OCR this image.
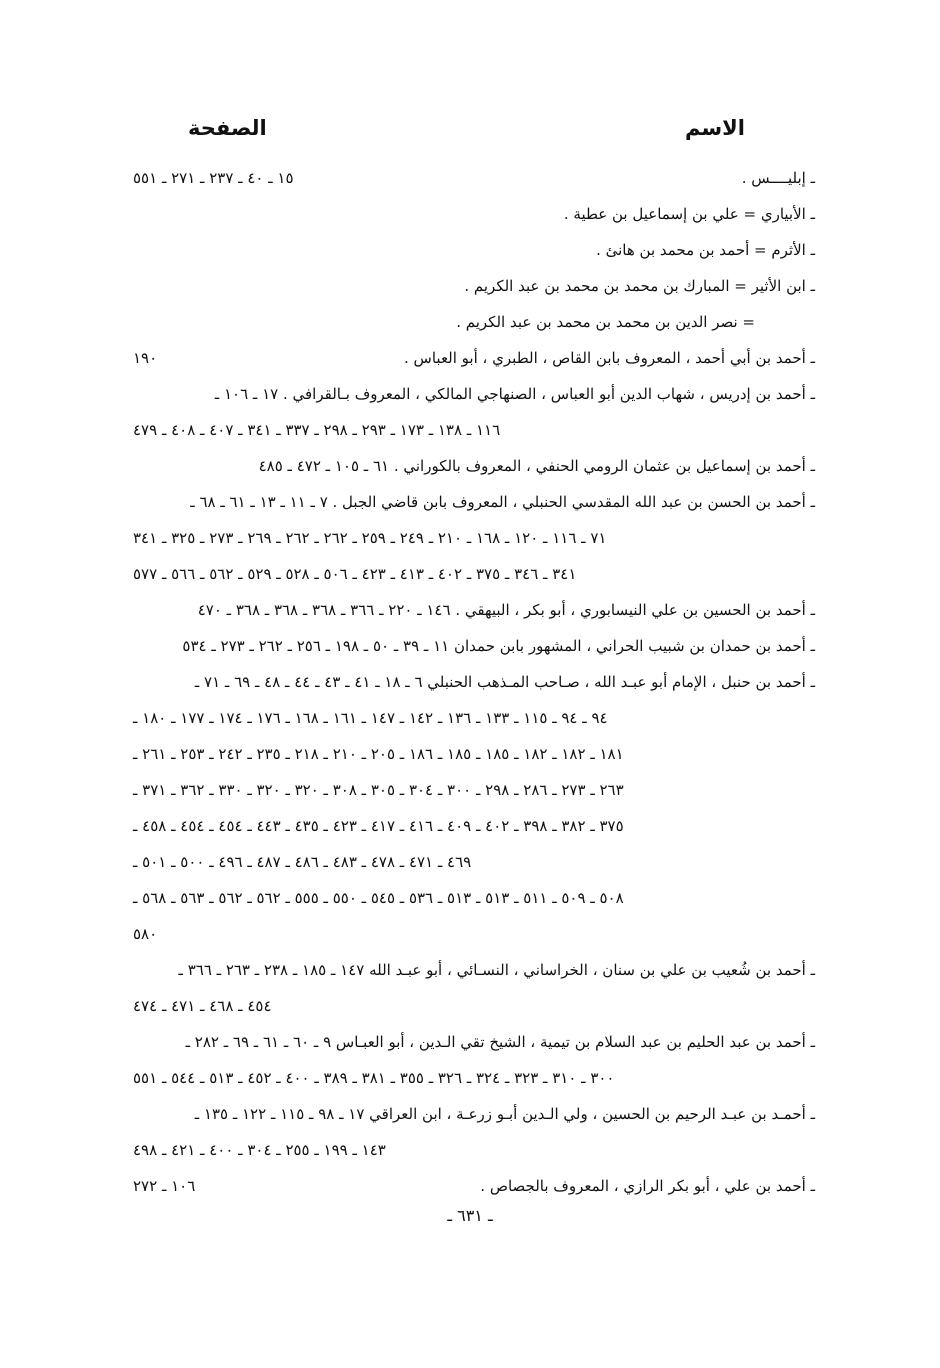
الاسم
الصفحة
ـ إبليــــس .
١٥ ـ ٤٠ ـ ٢٣٧ ـ ٢٧١ ـ ٥٥١
ـ الأبياري = علي بن إسماعيل بن عطية .
ـ الأثرم = أحمد بن محمد بن هانئ .
ـ ابن الأثير = المبارك بن محمد بن محمد بن عبد الكريم .
= نصر الدين بن محمد بن محمد بن عبد الكريم .
ـ أحمد بن أبي أحمد ، المعروف بابن القاص ، الطبري ، أبو العباس .
١٩٠
ـ أحمد بن إدريس ، شهاب الدين أبو العباس ، الصنهاجي المالكي ، المعروف بـالقرافي . ١٧ ـ ١٠٦ ـ
١١٦ ـ ١٣٨ ـ ١٧٣ ـ ٢٩٣ ـ ٢٩٨ ـ ٣٣٧ ـ ٣٤١ ـ ٤٠٧ ـ ٤٠٨ ـ ٤٧٩
ـ أحمد بن إسماعيل بن عثمان الرومي الحنفي ، المعروف بالكوراني . ٦١ ـ ١٠٥ ـ ٤٧٢ ـ ٤٨٥
ـ أحمد بن الحسن بن عبد الله المقدسي الحنبلي ، المعروف بابن قاضي الجبل . ٧ ـ ١١ ـ ١٣ ـ ٦١ ـ ٦٨ ـ
٧١ ـ ١١٦ ـ ١٢٠ ـ ١٦٨ ـ ٢١٠ ـ ٢٤٩ ـ ٢٥٩ ـ ٢٦٢ ـ ٢٦٢ ـ ٢٦٩ ـ ٢٧٣ ـ ٣٢٥ ـ ٣٤١
٣٤١ ـ ٣٤٦ ـ ٣٧٥ ـ ٤٠٢ ـ ٤١٣ ـ ٤٢٣ ـ ٥٠٦ ـ ٥٢٨ ـ ٥٢٩ ـ ٥٦٢ ـ ٥٦٦ ـ ٥٧٧
ـ أحمد بن الحسين بن علي النيسابوري ، أبو بكر ، البيهقي . ١٤٦ ـ ٢٢٠ ـ ٣٦٦ ـ ٣٦٨ ـ ٣٦٨ ـ ٣٦٨ ـ ٤٧٠
ـ أحمد بن حمدان بن شبيب الحراني ، المشهور بابن حمدان ١١ ـ ٣٩ ـ ٥٠ ـ ١٩٨ ـ ٢٥٦ ـ ٢٦٢ ـ ٢٧٣ ـ ٥٣٤
ـ أحمد بن حنبل ، الإمام أبو عبـد الله ، صـاحب المـذهب الحنبلي ٦ ـ ١٨ ـ ٤١ ـ ٤٣ ـ ٤٤ ـ ٤٨ ـ ٦٩ ـ ٧١ ـ
٩٤ ـ ٩٤ ـ ١١٥ ـ ١٣٣ ـ ١٣٦ ـ ١٤٢ ـ ١٤٧ ـ ١٦١ ـ ١٦٨ ـ ١٧٦ ـ ١٧٤ ـ ١٧٧ ـ ١٨٠ ـ
١٨١ ـ ١٨٢ ـ ١٨٢ ـ ١٨٥ ـ ١٨٥ ـ ١٨٦ ـ ٢٠٥ ـ ٢١٠ ـ ٢١٨ ـ ٢٣٥ ـ ٢٤٢ ـ ٢٥٣ ـ ٢٦١ ـ
٢٦٣ ـ ٢٧٣ ـ ٢٨٦ ـ ٢٩٨ ـ ٣٠٠ ـ ٣٠٤ ـ ٣٠٥ ـ ٣٠٨ ـ ٣٢٠ ـ ٣٢٠ ـ ٣٣٠ ـ ٣٦٢ ـ ٣٧١ ـ
٣٧٥ ـ ٣٨٢ ـ ٣٩٨ ـ ٤٠٢ ـ ٤٠٩ ـ ٤١٦ ـ ٤١٧ ـ ٤٢٣ ـ ٤٣٥ ـ ٤٤٣ ـ ٤٥٤ ـ ٤٥٤ ـ ٤٥٨ ـ
٤٦٩ ـ ٤٧١ ـ ٤٧٨ ـ ٤٨٣ ـ ٤٨٦ ـ ٤٨٧ ـ ٤٩٦ ـ ٥٠٠ ـ ٥٠١ ـ
٥٠٨ ـ ٥٠٩ ـ ٥١١ ـ ٥١٣ ـ ٥١٣ ـ ٥٣٦ ـ ٥٤٥ ـ ٥٥٠ ـ ٥٥٥ ـ ٥٦٢ ـ ٥٦٢ ـ ٥٦٣ ـ ٥٦٨ ـ
٥٨٠
ـ أحمد بن شُعيب بن علي بن سنان ، الخراساني ، النسـائي ، أبو عبـد الله ١٤٧ ـ ١٨٥ ـ ٢٣٨ ـ ٢٦٣ ـ ٣٦٦ ـ
٤٥٤ ـ ٤٦٨ ـ ٤٧١ ـ ٤٧٤
ـ أحمد بن عبد الحليم بن عبد السلام بن تيمية ، الشيخ تقي الـدين ، أبو العبـاس ٩ ـ ٦٠ ـ ٦١ ـ ٦٩ ـ ٢٨٢ ـ
٣٠٠ ـ ٣١٠ ـ ٣٢٣ ـ ٣٢٤ ـ ٣٢٦ ـ ٣٥٥ ـ ٣٨١ ـ ٣٨٩ ـ ٤٠٠ ـ ٤٥٢ ـ ٥١٣ ـ ٥٤٤ ـ ٥٥١
ـ أحمـد بن عبـد الرحيم بن الحسين ، ولي الـدين أبـو زرعـة ، ابن العراقي ١٧ ـ ٩٨ ـ ١١٥ ـ ١٢٢ ـ ١٣٥ ـ
١٤٣ ـ ١٩٩ ـ ٢٥٥ ـ ٣٠٤ ـ ٤٠٠ ـ ٤٢١ ـ ٤٩٨
ـ أحمد بن علي ، أبو بكر الرازي ، المعروف بالجصاص .
١٠٦ ـ ٢٧٢
ـ ٦٣١ ـ
